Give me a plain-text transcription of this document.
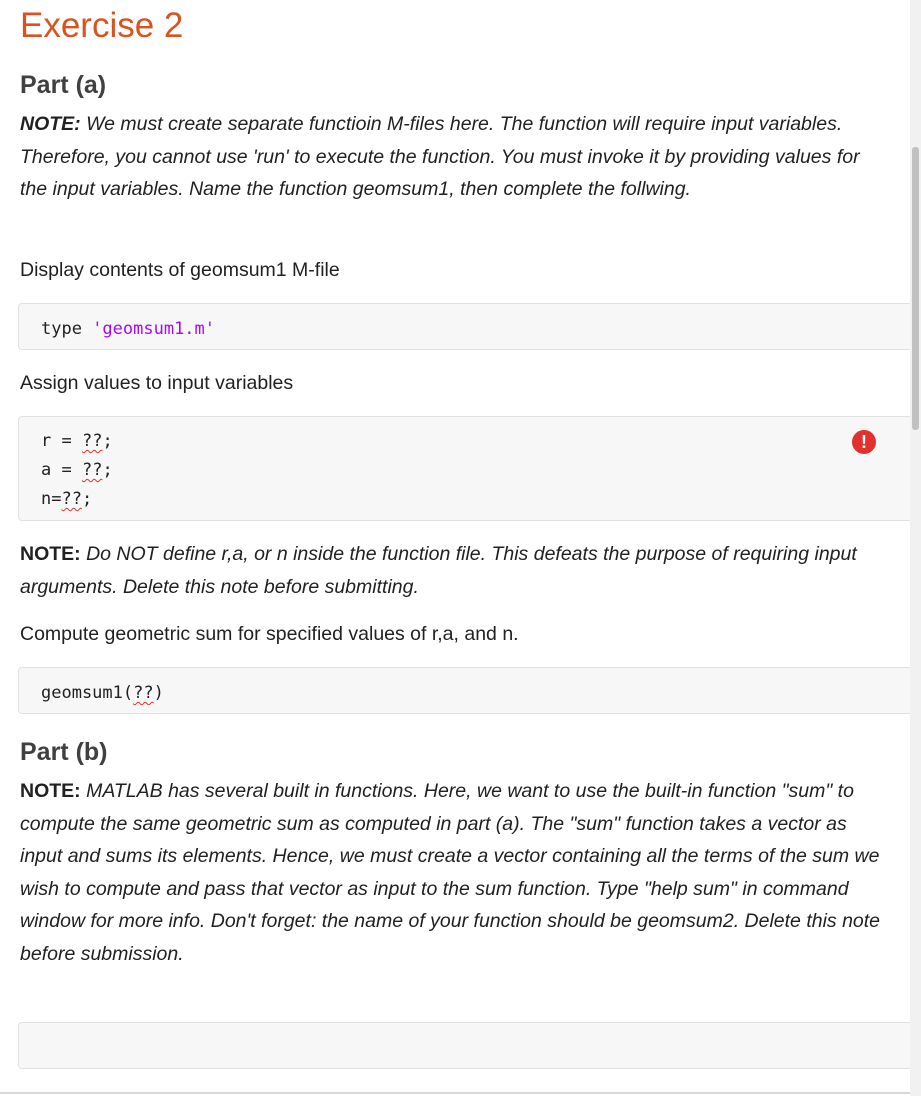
Exercise 2
Part (a)

NOTE: We must create separate functioin M-files here. The function will require input variables. Therefore, you cannot use 'run' to execute the function. You must invoke it by providing values for the input variables. Name the function geomsum1, then complete the follwing.

Display contents of geomsum1 M-file

type 'geomsum1.m'

Assign values to input variables

r = ??;
a = ??;
n=??;
!

NOTE: Do NOT define r,a, or n inside the function file. This defeats the purpose of requiring input arguments. Delete this note before submitting.

Compute geometric sum for specified values of r,a, and n.

geomsum1(??)
Part (b)

NOTE: MATLAB has several built in functions. Here, we want to use the built-in function "sum" to compute the same geometric sum as computed in part (a). The "sum" function takes a vector as input and sums its elements. Hence, we must create a vector containing all the terms of the sum we wish to compute and pass that vector as input to the sum function. Type "help sum" in command window for more info. Don't forget: the name of your function should be geomsum2. Delete this note before submission.
